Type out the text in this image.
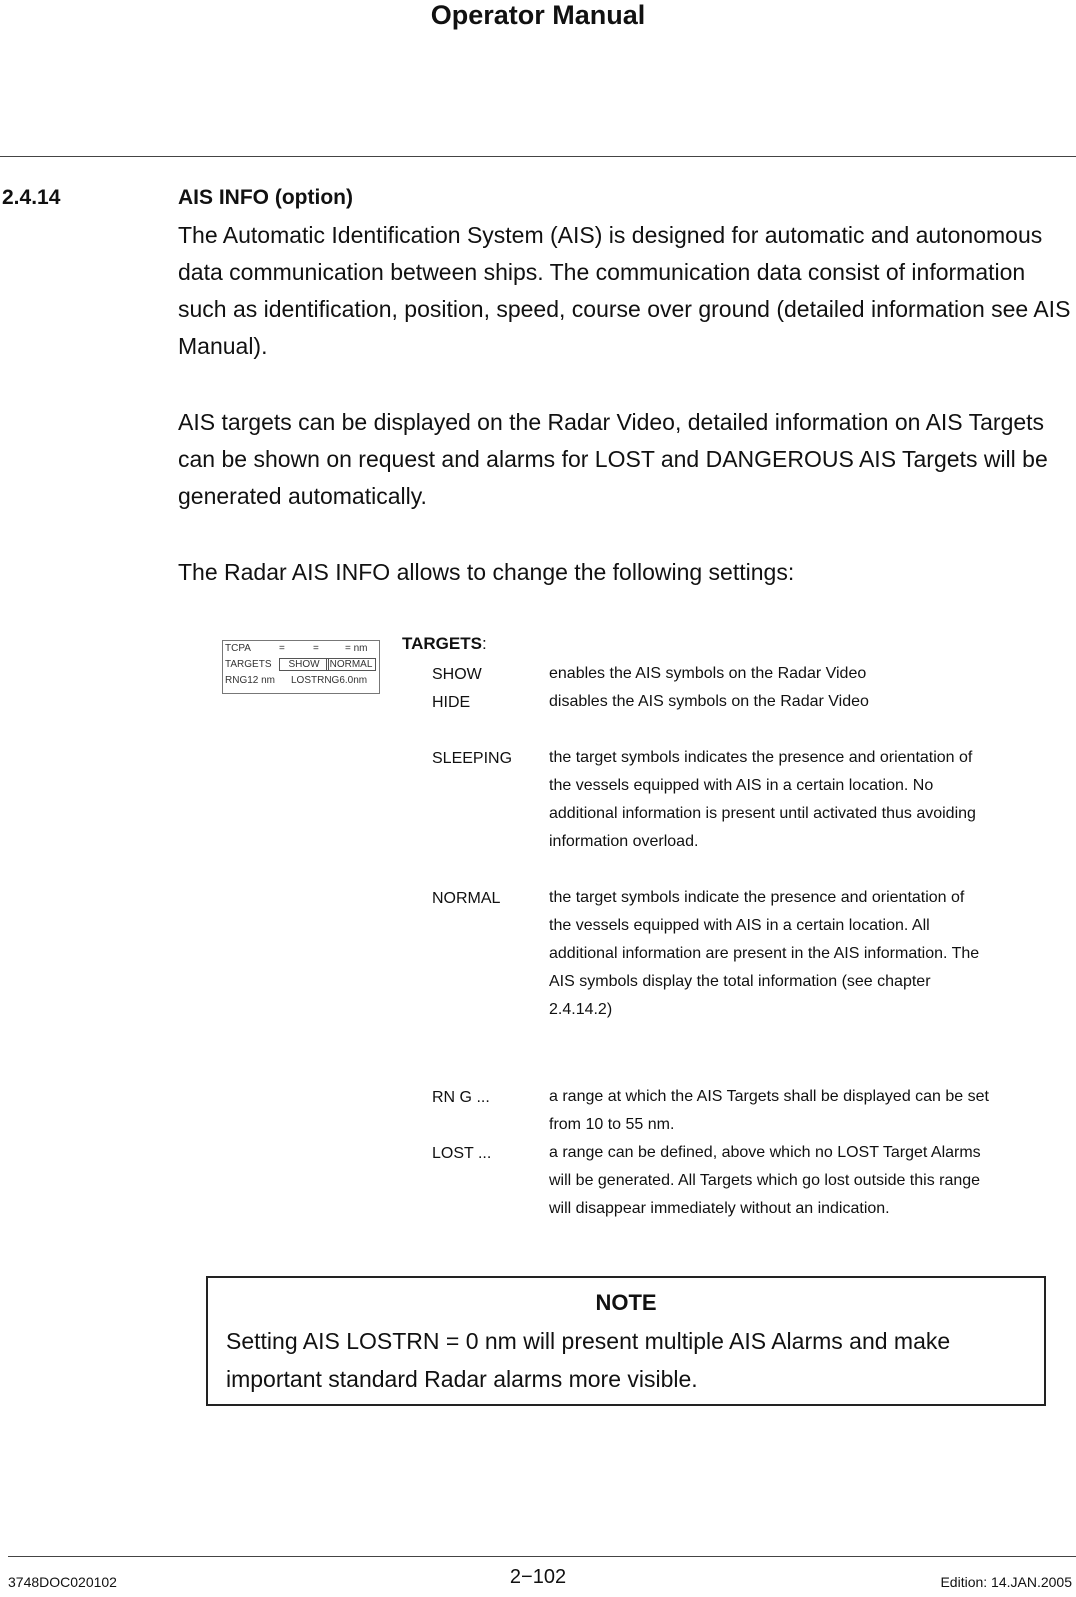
Operator Manual
2.4.14	AIS INFO (option)

The Automatic Identification System (AIS) is designed for automatic and autonomous data communication between ships. The communication data consist of information such as identification, position, speed, course over ground (detailed information see AIS Manual).

AIS targets can be displayed on the Radar Video, detailed information on AIS Targets can be shown on request and alarms for LOST and DANGEROUS AIS Targets will be generated automatically.

The Radar AIS INFO allows to change the following settings:

TCPA	=	=	= nm
TARGETS	SHOW	NORMAL
RNG12 nm LOSTRNG6.0nm
TARGETS:
SHOW	enables the AIS symbols on the Radar Video

HIDE	disables the AIS symbols on the Radar Video

SLEEPING the target symbols indicates the presence and orientation of the vessels equipped with AIS in a certain location. No additional information is present until activated thus avoiding information overload.

NORMAL	the target symbols indicate the presence and orientation of the vessels equipped with AIS in a certain location. All additional information are present in the AIS information. The AIS symbols display the total information (see chapter 2.4.14.2)

RN G ...	a range at which the AIS Targets shall be displayed can be set from 10 to 55 nm.

LOST ...	a range can be defined, above which no LOST Target Alarms will be generated. All Targets which go lost outside this range will disappear immediately without an indication.

NOTE

Setting AIS LOSTRN = 0 nm will present multiple AIS Alarms and make important standard Radar alarms more visible.

3748DOC020102	2−102	Edition: 14.JAN.2005
